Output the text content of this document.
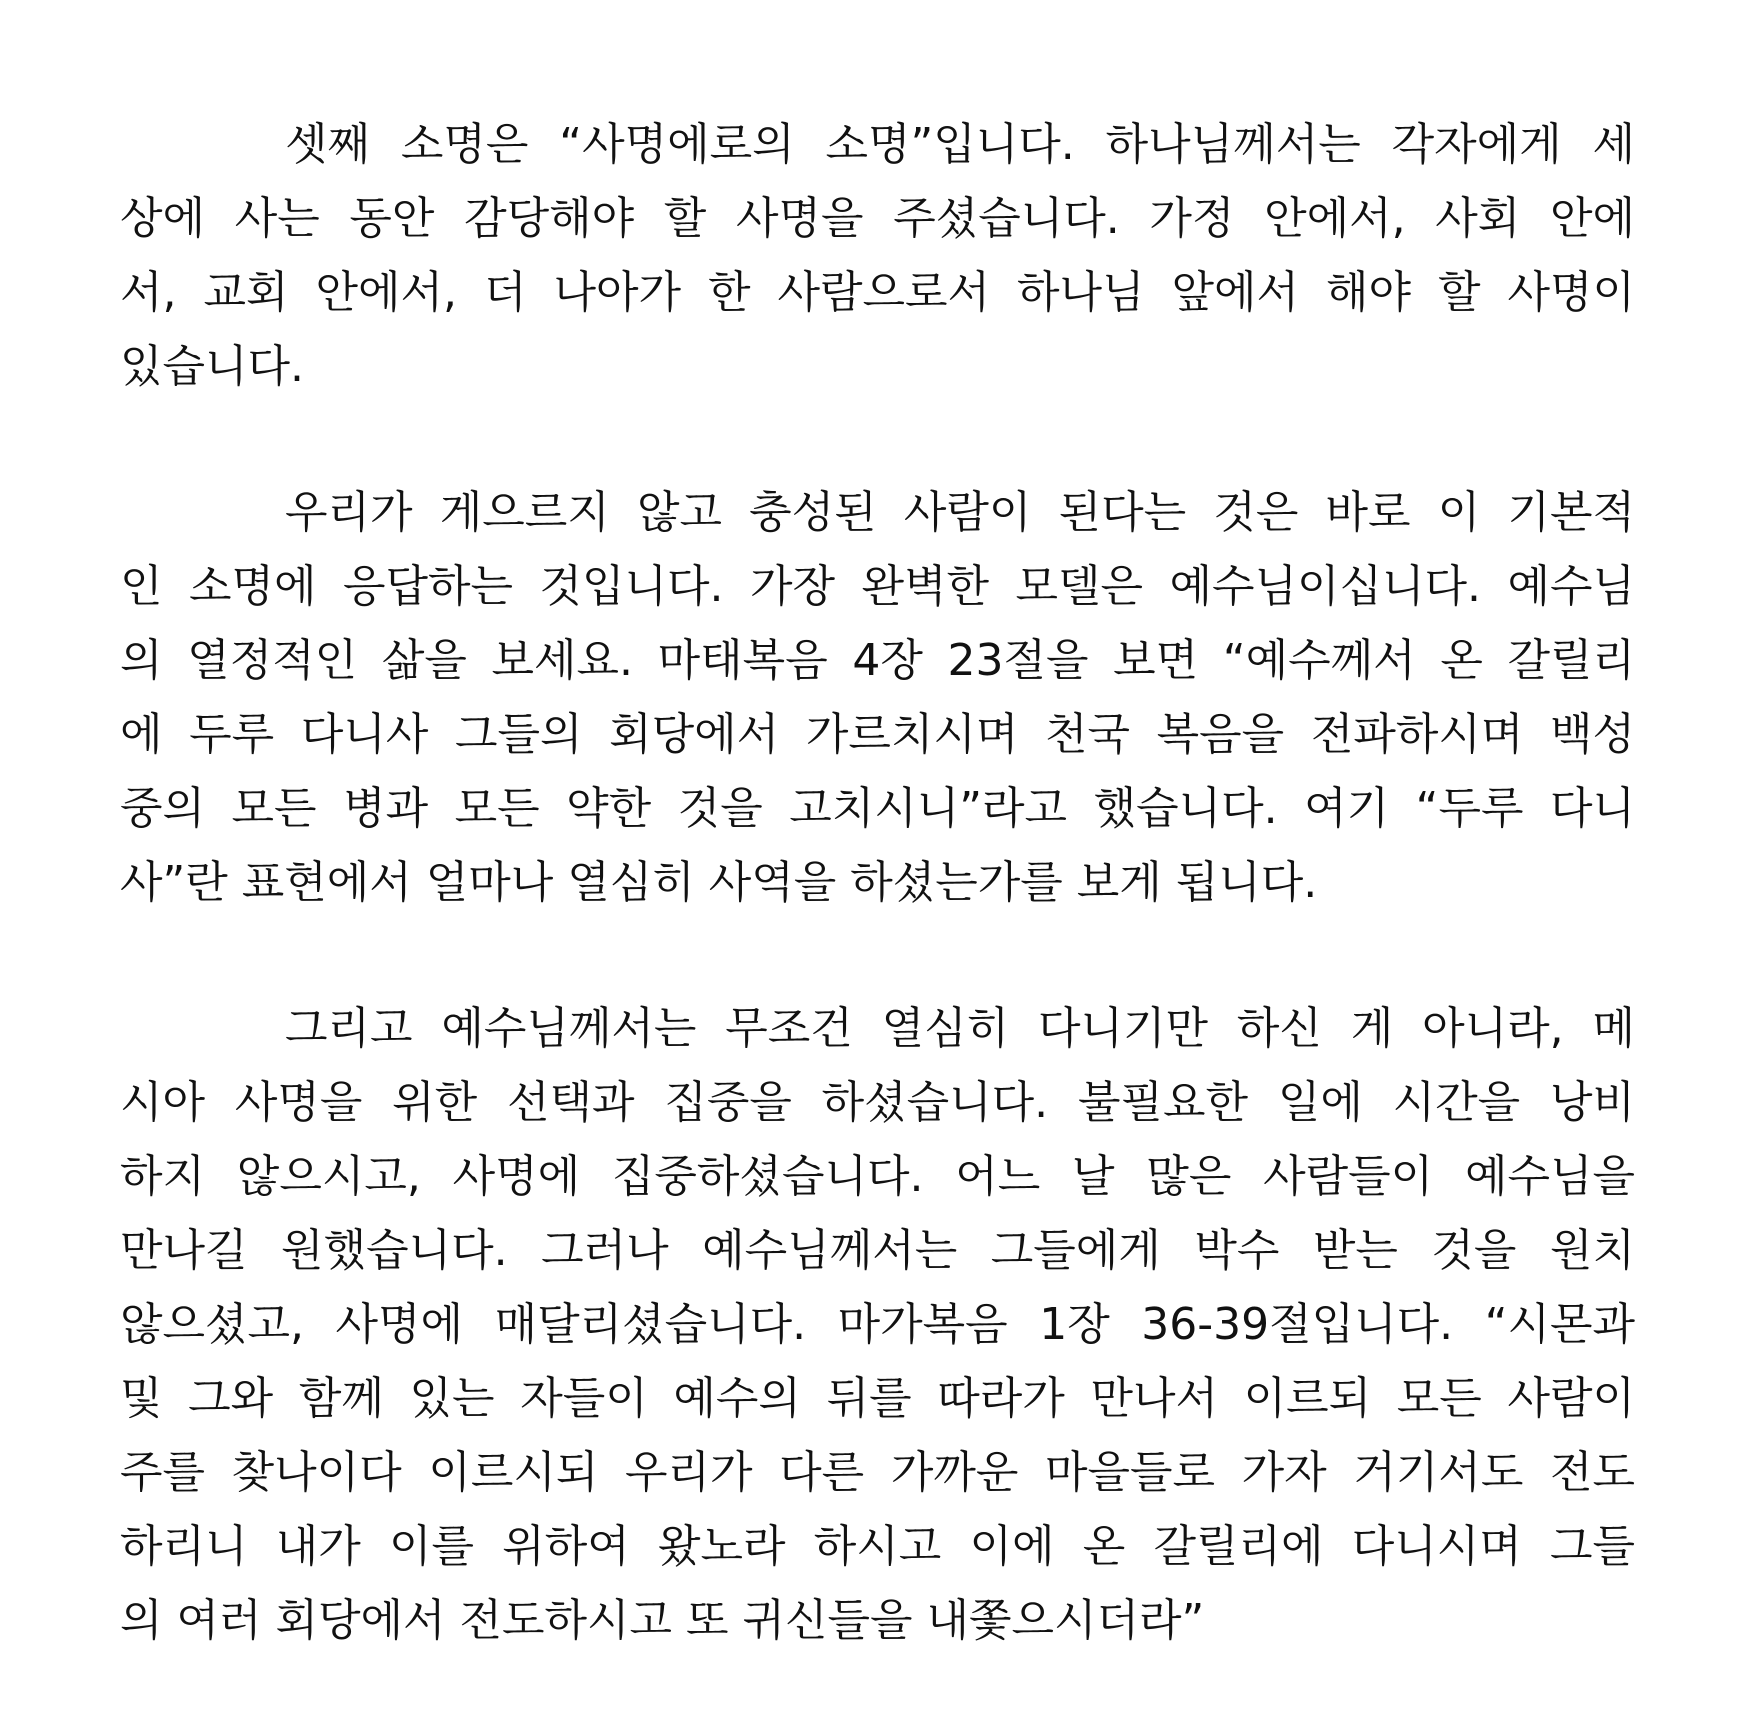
셋째 소명은 “사명에로의 소명”입니다. 하나님께서는 각자에게 세
상에 사는 동안 감당해야 할 사명을 주셨습니다. 가정 안에서, 사회 안에
서, 교회 안에서, 더 나아가 한 사람으로서 하나님 앞에서 해야 할 사명이
있습니다.
우리가 게으르지 않고 충성된 사람이 된다는 것은 바로 이 기본적
인 소명에 응답하는 것입니다. 가장 완벽한 모델은 예수님이십니다. 예수님
의 열정적인 삶을 보세요. 마태복음 4장 23절을 보면 “예수께서 온 갈릴리
에 두루 다니사 그들의 회당에서 가르치시며 천국 복음을 전파하시며 백성
중의 모든 병과 모든 약한 것을 고치시니”라고 했습니다. 여기 “두루 다니
사”란 표현에서 얼마나 열심히 사역을 하셨는가를 보게 됩니다.
그리고 예수님께서는 무조건 열심히 다니기만 하신 게 아니라, 메
시아 사명을 위한 선택과 집중을 하셨습니다. 불필요한 일에 시간을 낭비
하지 않으시고, 사명에 집중하셨습니다. 어느 날 많은 사람들이 예수님을
만나길 원했습니다. 그러나 예수님께서는 그들에게 박수 받는 것을 원치
않으셨고, 사명에 매달리셨습니다. 마가복음 1장 36-39절입니다. “시몬과
및 그와 함께 있는 자들이 예수의 뒤를 따라가 만나서 이르되 모든 사람이
주를 찾나이다 이르시되 우리가 다른 가까운 마을들로 가자 거기서도 전도
하리니 내가 이를 위하여 왔노라 하시고 이에 온 갈릴리에 다니시며 그들
의 여러 회당에서 전도하시고 또 귀신들을 내쫓으시더라”
